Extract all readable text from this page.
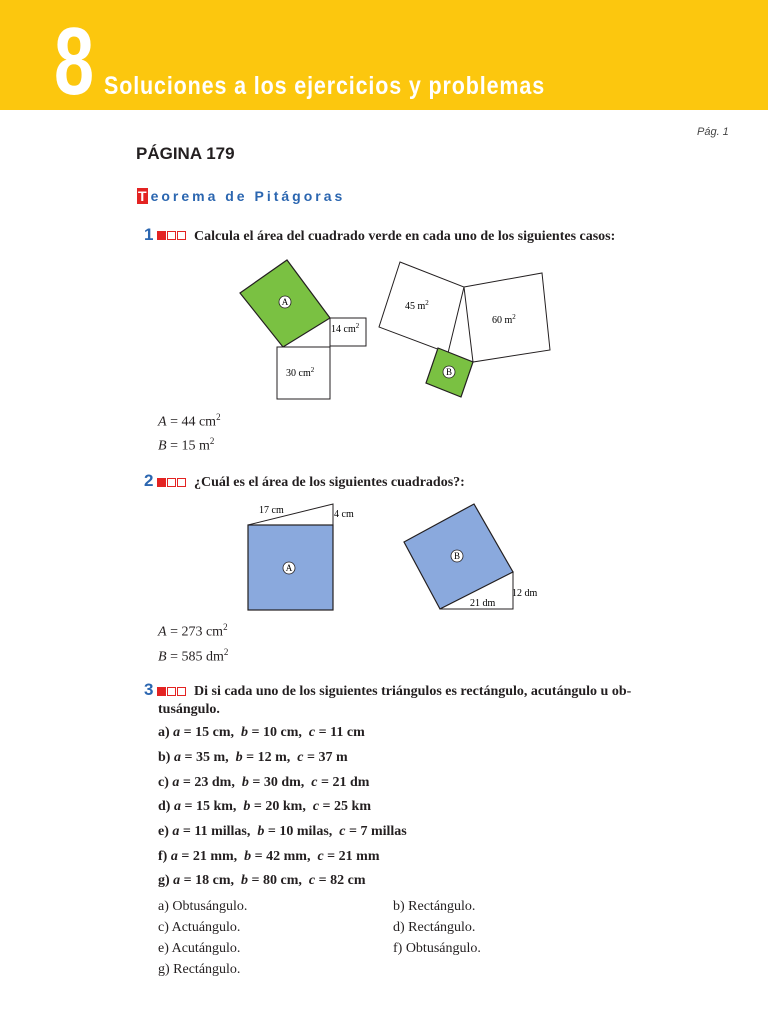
8 Soluciones a los ejercicios y problemas
Pág. 1
PÁGINA 179
T eorema de Pitágoras
1	Calcula el área del cuadrado verde en cada uno de los siguientes casos:
A
14 $cm^2$
30 $cm^2$
45 $m^2$
60 $m^2$
B
A = 44 $cm^2$
B = 15 $m^2$
2	¿Cuál es el área de los siguientes cuadrados?:
17 cm	4 cm
A
B
21 dm
12 dm
A = 273 $cm^2$
B = 585 $dm^2$
3	Di si cada uno de los siguientes triángulos es rectángulo, acutángulo u ob-
tusángulo.
a) a = 15 cm,  b = 10 cm,  c = 11 cm
b) a = 35 m,  b = 12 m,  c = 37 m
c) a = 23 dm,  b = 30 dm,  c = 21 dm
d) a = 15 km,  b = 20 km,  c = 25 km
e) a = 11 millas,  b = 10 milas,  c = 7 millas
f) a = 21 mm,  b = 42 mm,  c = 21 mm
g) a = 18 cm,  b = 80 cm,  c = 82 cm
a) Obtusángulo.
c) Actuángulo.
e) Acutángulo.
g) Rectángulo.
b) Rectángulo.
d) Rectángulo.
f) Obtusángulo.
